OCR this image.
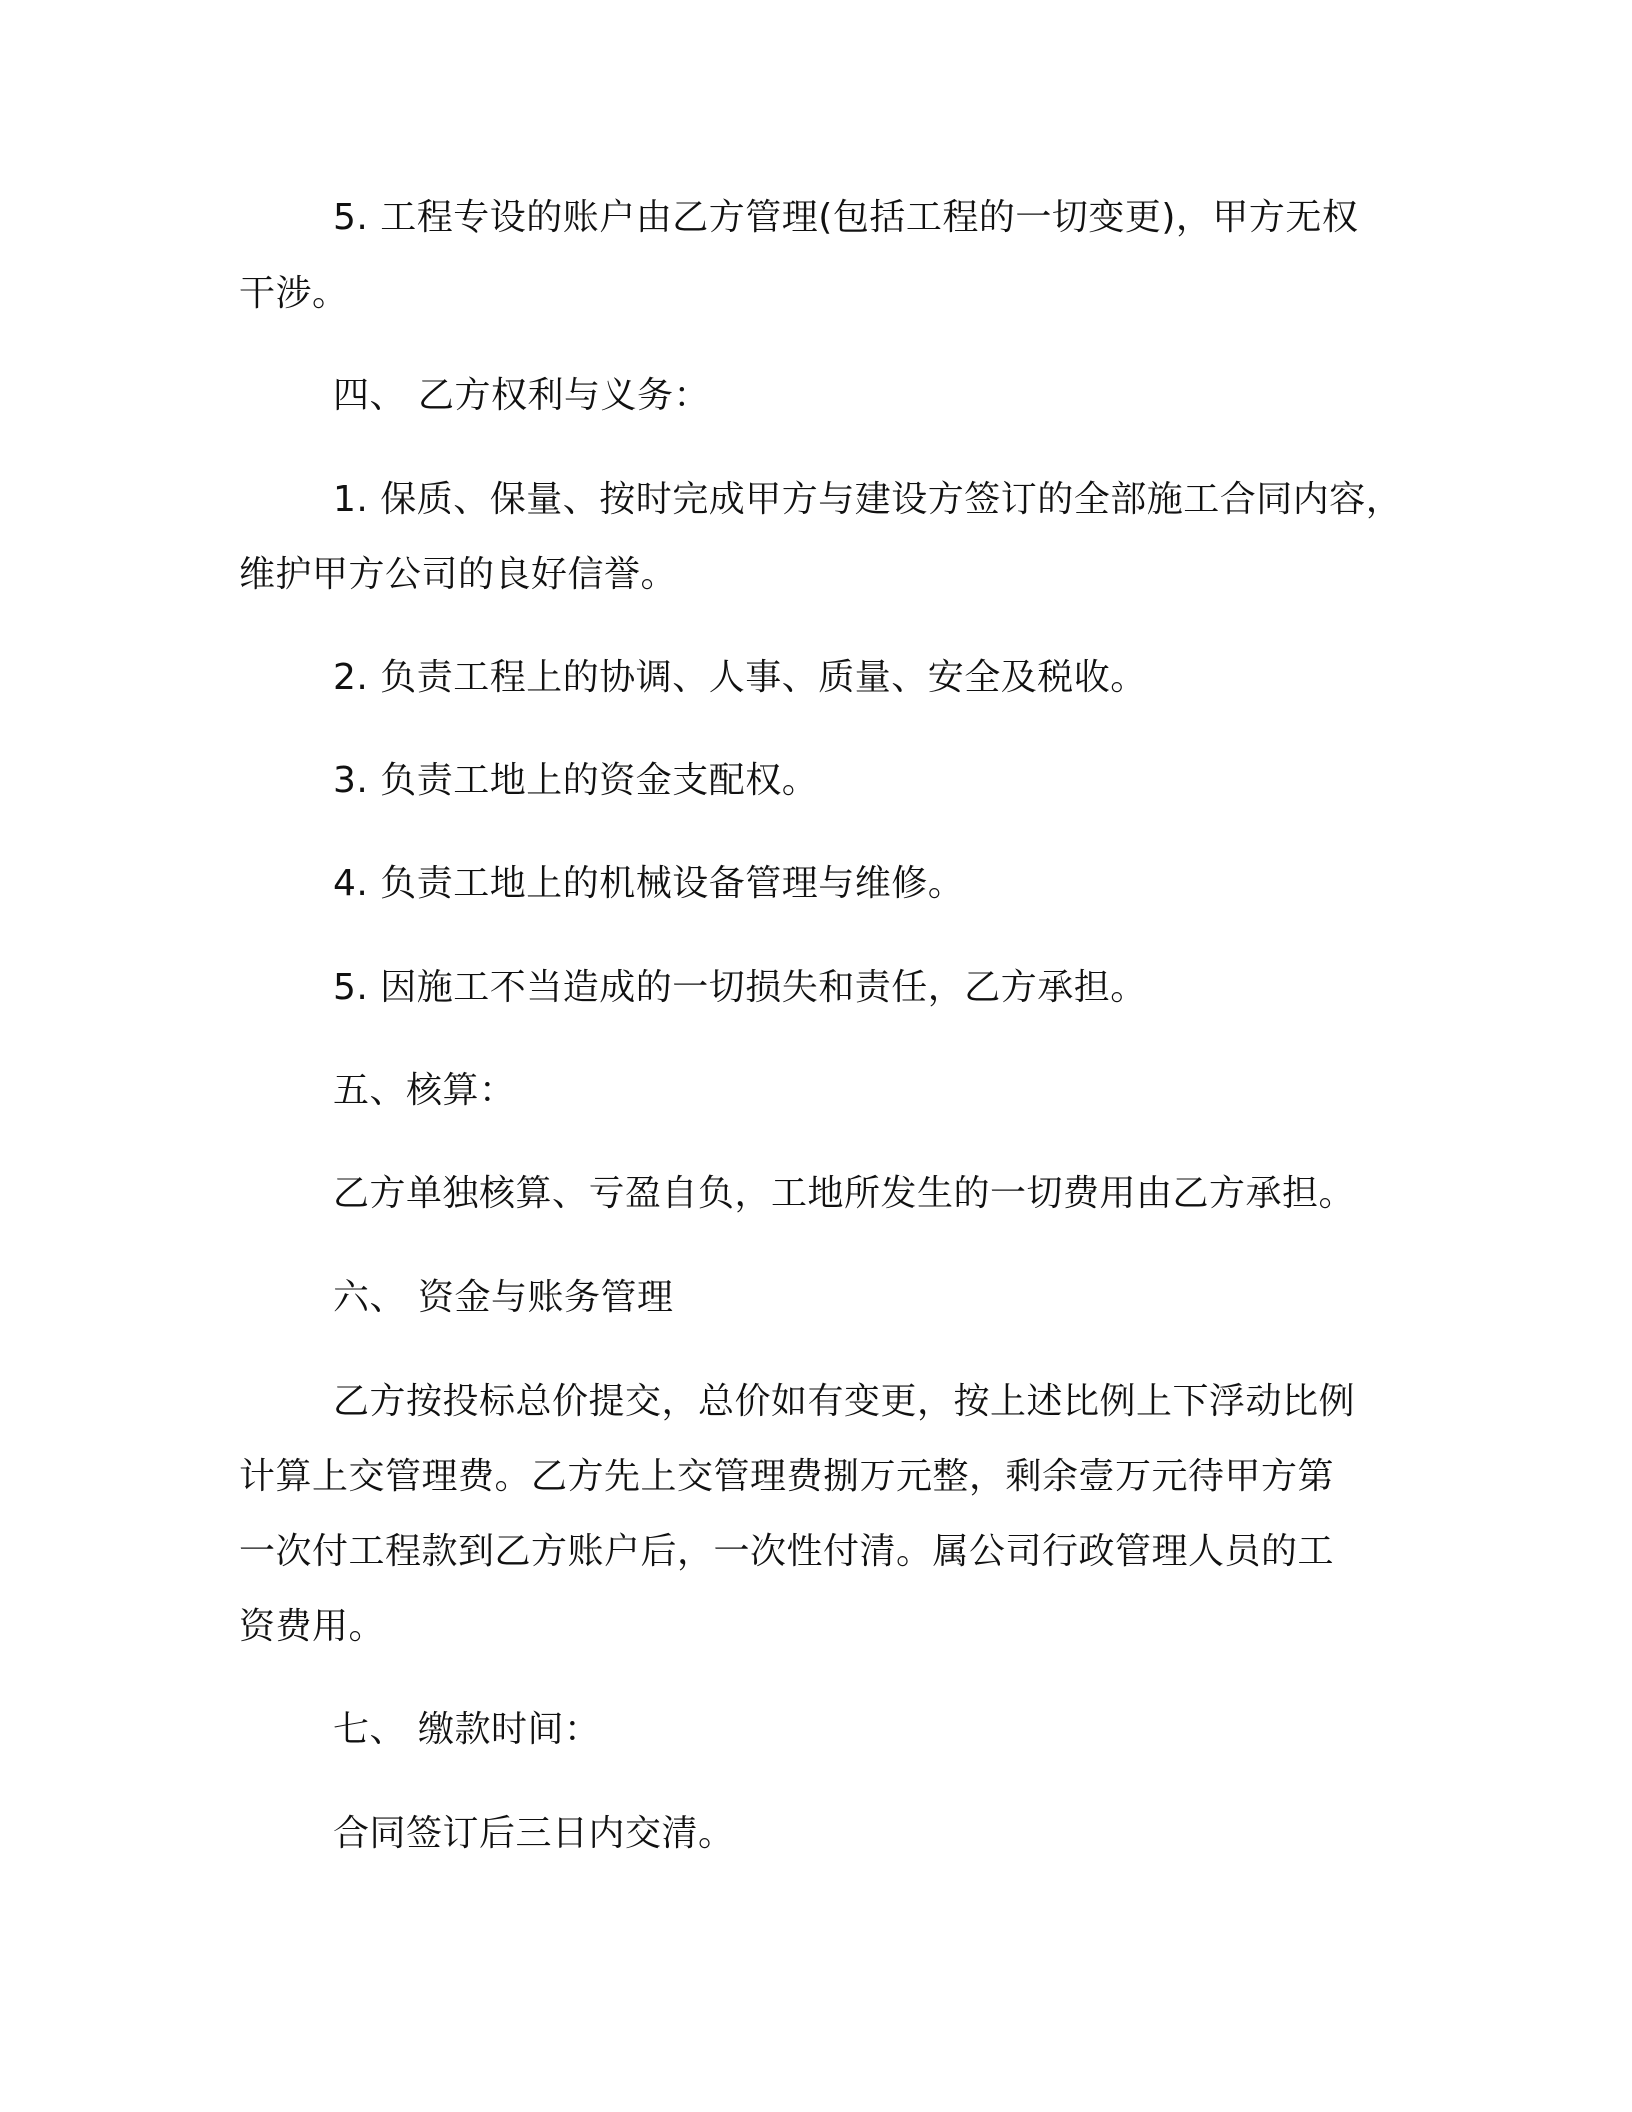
5. 工程专设的账户由乙方管理(包括工程的一切变更)，甲方无权
干涉。
四、 乙方权利与义务：
1. 保质、保量、按时完成甲方与建设方签订的全部施工合同内容，
维护甲方公司的良好信誉。
2. 负责工程上的协调、人事、质量、安全及税收。
3. 负责工地上的资金支配权。
4. 负责工地上的机械设备管理与维修。
5. 因施工不当造成的一切损失和责任，乙方承担。
五、核算：
乙方单独核算、亏盈自负，工地所发生的一切费用由乙方承担。
六、 资金与账务管理
乙方按投标总价提交，总价如有变更，按上述比例上下浮动比例
计算上交管理费。乙方先上交管理费捌万元整，剩余壹万元待甲方第
一次付工程款到乙方账户后，一次性付清。属公司行政管理人员的工
资费用。
七、 缴款时间：
合同签订后三日内交清。
